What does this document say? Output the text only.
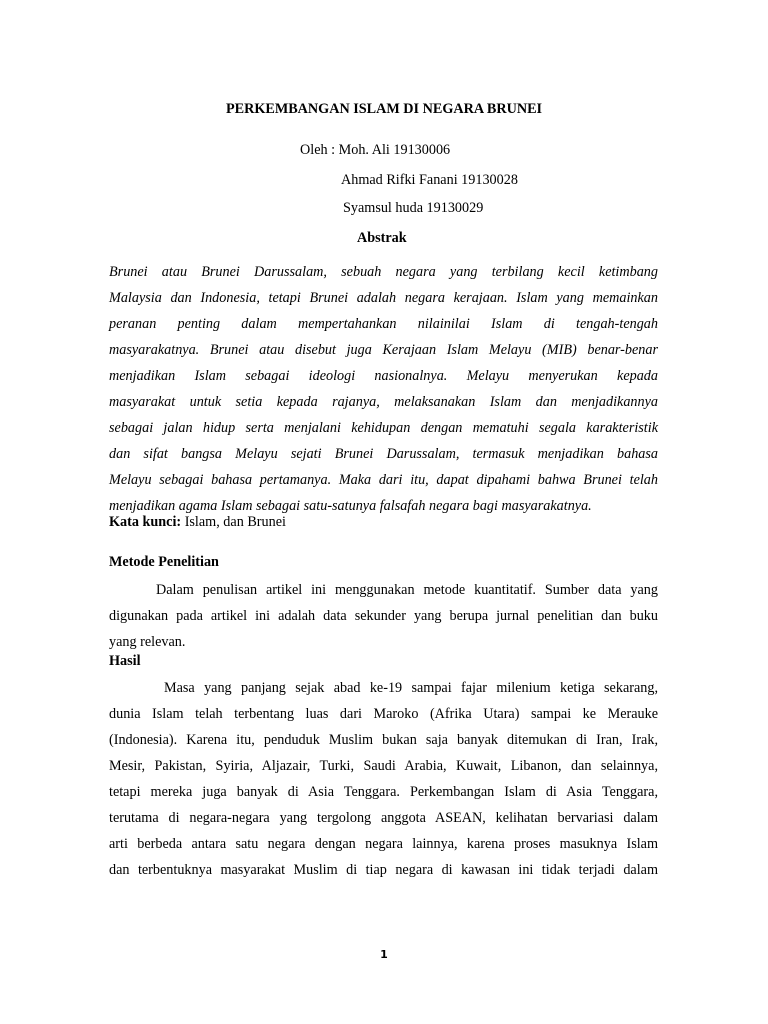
PERKEMBANGAN ISLAM DI NEGARA BRUNEI
Oleh : Moh. Ali 19130006
Ahmad Rifki Fanani 19130028
Syamsul huda 19130029
Abstrak
Brunei atau Brunei Darussalam, sebuah negara yang terbilang kecil ketimbang
Malaysia dan Indonesia, tetapi Brunei adalah negara kerajaan. Islam yang memainkan
peranan penting dalam mempertahankan nilainilai Islam di tengah-tengah
masyarakatnya. Brunei atau disebut juga Kerajaan Islam Melayu (MIB) benar-benar
menjadikan Islam sebagai ideologi nasionalnya. Melayu menyerukan kepada
masyarakat untuk setia kepada rajanya, melaksanakan Islam dan menjadikannya
sebagai jalan hidup serta menjalani kehidupan dengan mematuhi segala karakteristik
dan sifat bangsa Melayu sejati Brunei Darussalam, termasuk menjadikan bahasa
Melayu sebagai bahasa pertamanya. Maka dari itu, dapat dipahami bahwa Brunei telah
menjadikan agama Islam sebagai satu-satunya falsafah negara bagi masyarakatnya.
Kata kunci: Islam, dan Brunei
Metode Penelitian
Dalam penulisan artikel ini menggunakan metode kuantitatif. Sumber data yang
digunakan pada artikel ini adalah data sekunder yang berupa jurnal penelitian dan buku
yang relevan.
Hasil
Masa yang panjang sejak abad ke-19 sampai fajar milenium ketiga sekarang,
dunia Islam telah terbentang luas dari Maroko (Afrika Utara) sampai ke Merauke
(Indonesia). Karena itu, penduduk Muslim bukan saja banyak ditemukan di Iran, Irak,
Mesir, Pakistan, Syiria, Aljazair, Turki, Saudi Arabia, Kuwait, Libanon, dan selainnya,
tetapi mereka juga banyak di Asia Tenggara. Perkembangan Islam di Asia Tenggara,
terutama di negara-negara yang tergolong anggota ASEAN, kelihatan bervariasi dalam
arti berbeda antara satu negara dengan negara lainnya, karena proses masuknya Islam
dan terbentuknya masyarakat Muslim di tiap negara di kawasan ini tidak terjadi dalam
1
